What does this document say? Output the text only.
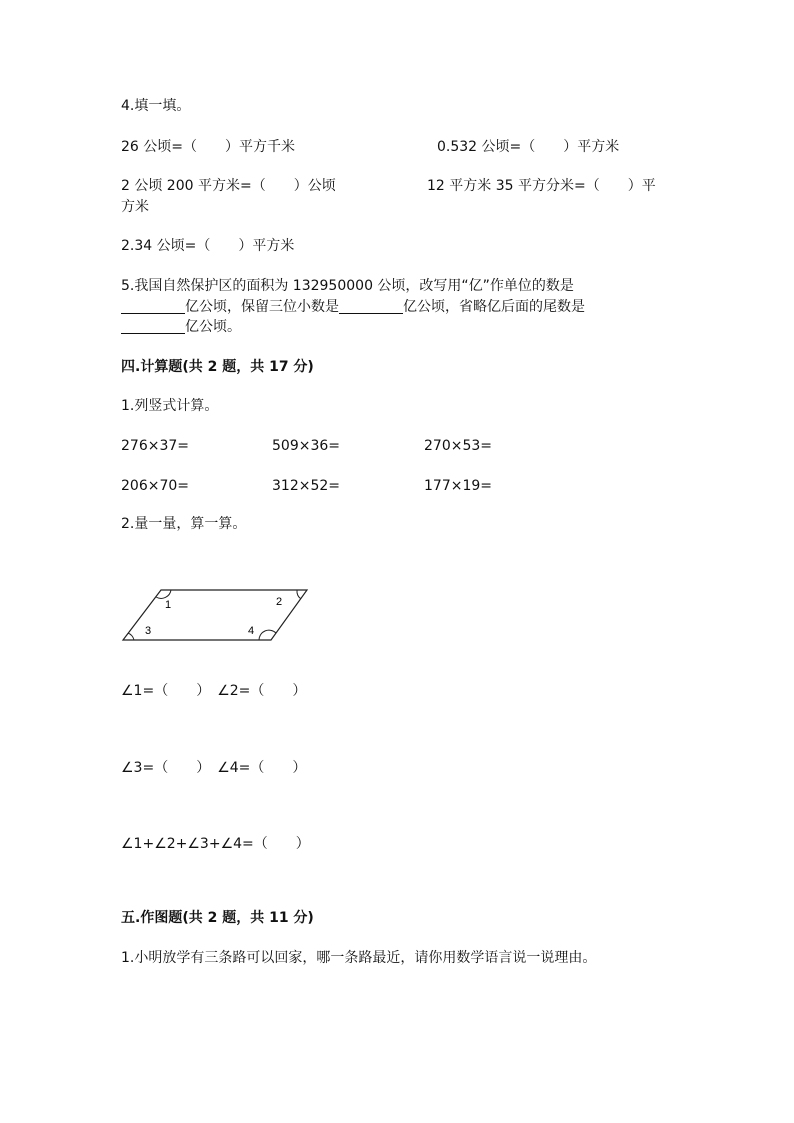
4.填一填。
26 公顷=（　　）平方千米	0.532 公顷=（　　）平方米
2 公顷 200 平方米=（　　）公顷	12 平方米 35 平方分米=（　　）平
方米
2.34 公顷=（　　）平方米
5.我国自然保护区的面积为 132950000 公顷，改写用“亿”作单位的数是
亿公顷，保留三位小数是	亿公顷，省略亿后面的尾数是
亿公顷。
四.计算题(共 2 题，共 17 分)
1.列竖式计算。
276×37=	509×36=	270×53=
206×70=	312×52=	177×19=
2.量一量，算一算。
1	2
3	4
∠1=（　　）　∠2=（　　）
∠3=（　　）　∠4=（　　）
∠1+∠2+∠3+∠4=（　　）
五.作图题(共 2 题，共 11 分)
1.小明放学有三条路可以回家，哪一条路最近，请你用数学语言说一说理由。
